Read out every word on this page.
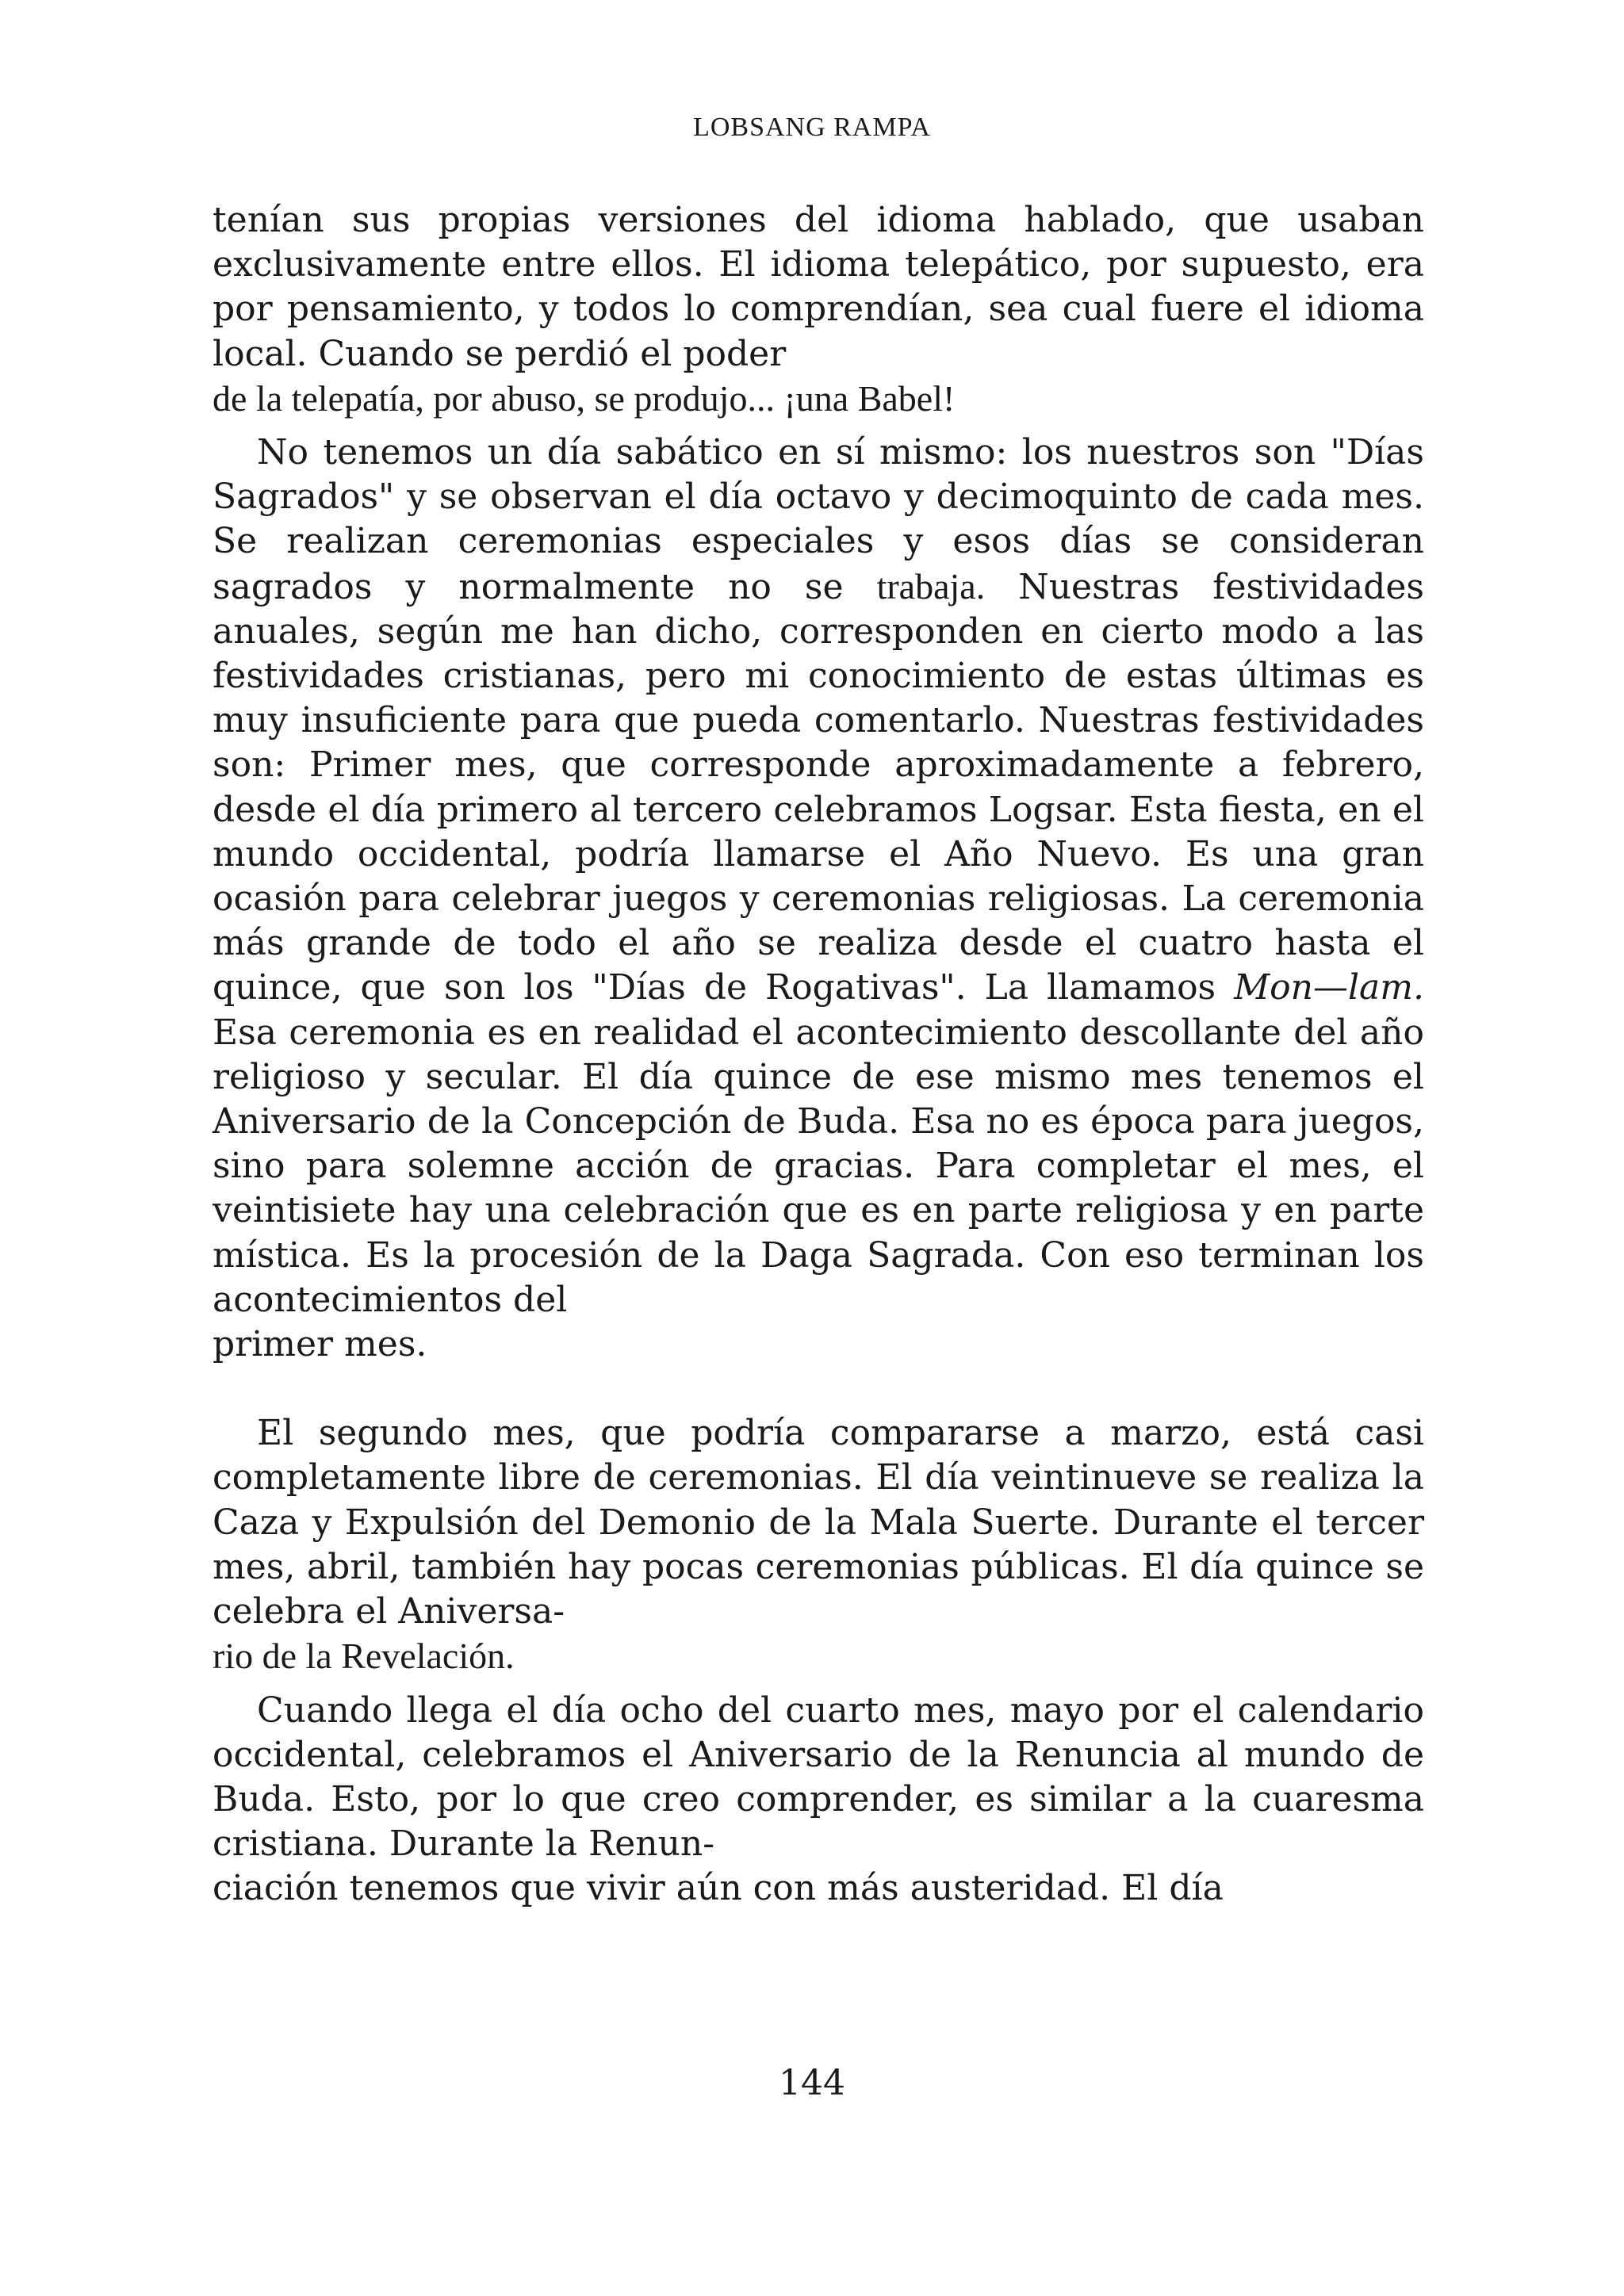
LOBSANG RAMPA

tenían sus propias versiones del idioma hablado, que usaban exclusivamente entre ellos. El idioma telepático, por supuesto, era por pensamiento, y todos lo comprendían, sea cual fuere el idioma local. Cuando se perdió el poder

de la telepatía, por abuso, se produjo... ¡una Babel!

No tenemos un día sabático en sí mismo: los nuestros son "Días Sagrados" y se observan el día octavo y decimoquinto de cada mes. Se realizan ceremonias especiales y esos días se consideran sagrados y normalmente no se trabaja. Nuestras festividades anuales, según me han dicho, corresponden en cierto modo a las festividades cristianas, pero mi conocimiento de estas últimas es muy insuficiente para que pueda comentarlo. Nuestras festividades son: Primer mes, que corresponde aproximadamente a febrero, desde el día primero al tercero celebramos Logsar. Esta fiesta, en el mundo occidental, podría llamarse el Año Nuevo. Es una gran ocasión para celebrar juegos y ceremonias religiosas. La ceremonia más grande de todo el año se realiza desde el cuatro hasta el quince, que son los "Días de Rogativas". La llamamos Mon—lam. Esa ceremonia es en realidad el acontecimiento descollante del año religioso y secular. El día quince de ese mismo mes tenemos el Aniversario de la Concepción de Buda. Esa no es época para juegos, sino para solemne acción de gracias. Para completar el mes, el veintisiete hay una celebración que es en parte religiosa y en parte mística. Es la procesión de la Daga Sagrada. Con eso terminan los acontecimientos del

primer mes.

El segundo mes, que podría compararse a marzo, está casi completamente libre de ceremonias. El día veintinueve se realiza la Caza y Expulsión del Demonio de la Mala Suerte. Durante el tercer mes, abril, también hay pocas ceremonias públicas. El día quince se celebra el Aniversa-

rio de la Revelación.

Cuando llega el día ocho del cuarto mes, mayo por el calendario occidental, celebramos el Aniversario de la Renuncia al mundo de Buda. Esto, por lo que creo comprender, es similar a la cuaresma cristiana. Durante la Renun-

ciación tenemos que vivir aún con más austeridad. El día

144
